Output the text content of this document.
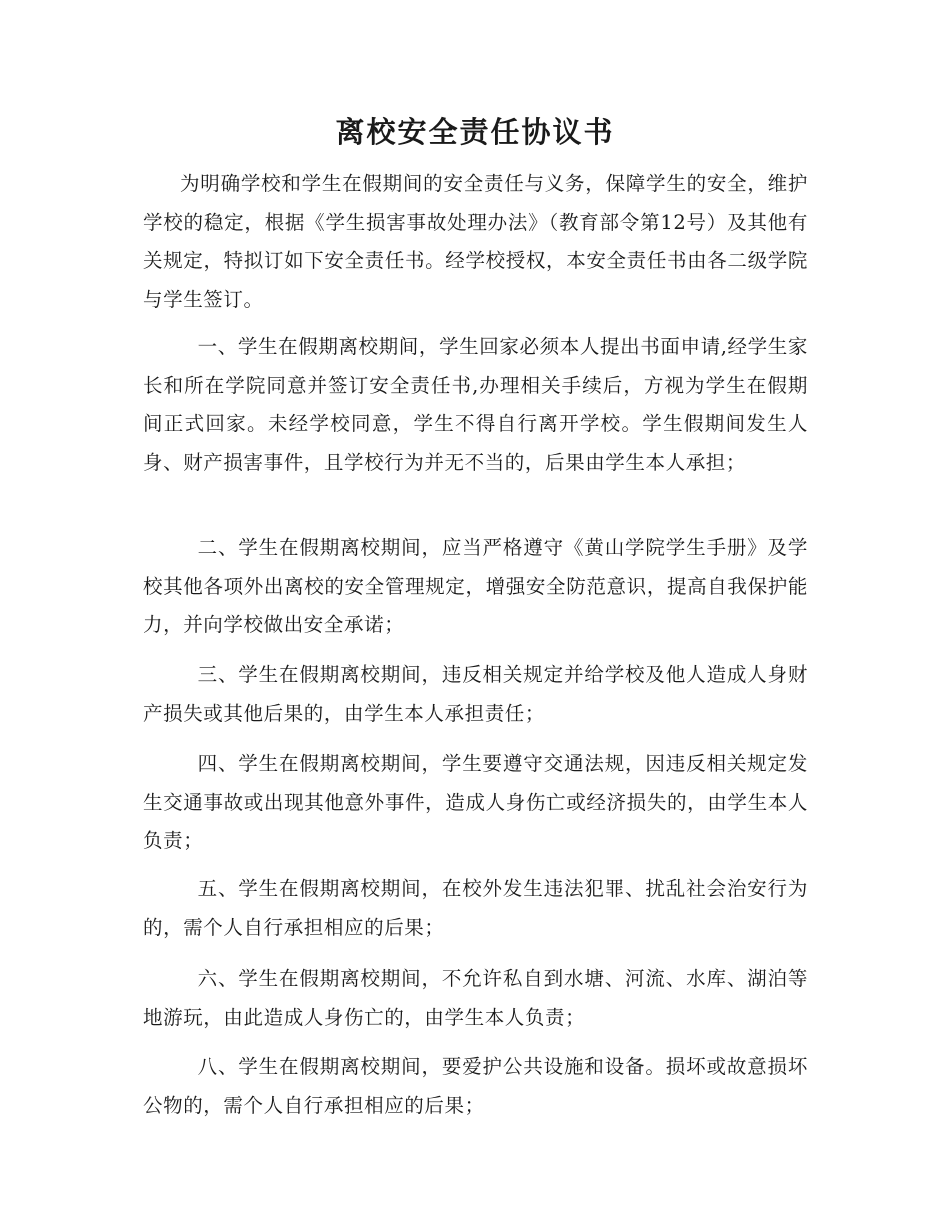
离校安全责任协议书

为明确学校和学生在假期间的安全责任与义务，保障学生的安全，维护学校的稳定，根据《学生损害事故处理办法》（教育部令第12号）及其他有关规定，特拟订如下安全责任书。经学校授权，本安全责任书由各二级学院与学生签订。

一、学生在假期离校期间，学生回家必须本人提出书面申请,经学生家长和所在学院同意并签订安全责任书,办理相关手续后，方视为学生在假期间正式回家。未经学校同意，学生不得自行离开学校。学生假期间发生人身、财产损害事件，且学校行为并无不当的，后果由学生本人承担；

二、学生在假期离校期间，应当严格遵守《黄山学院学生手册》及学校其他各项外出离校的安全管理规定，增强安全防范意识，提高自我保护能力，并向学校做出安全承诺；

三、学生在假期离校期间，违反相关规定并给学校及他人造成人身财产损失或其他后果的，由学生本人承担责任；

四、学生在假期离校期间，学生要遵守交通法规，因违反相关规定发生交通事故或出现其他意外事件，造成人身伤亡或经济损失的，由学生本人负责；

五、学生在假期离校期间，在校外发生违法犯罪、扰乱社会治安行为的，需个人自行承担相应的后果；

六、学生在假期离校期间，不允许私自到水塘、河流、水库、湖泊等地游玩，由此造成人身伤亡的，由学生本人负责；

八、学生在假期离校期间，要爱护公共设施和设备。损坏或故意损坏公物的，需个人自行承担相应的后果；
